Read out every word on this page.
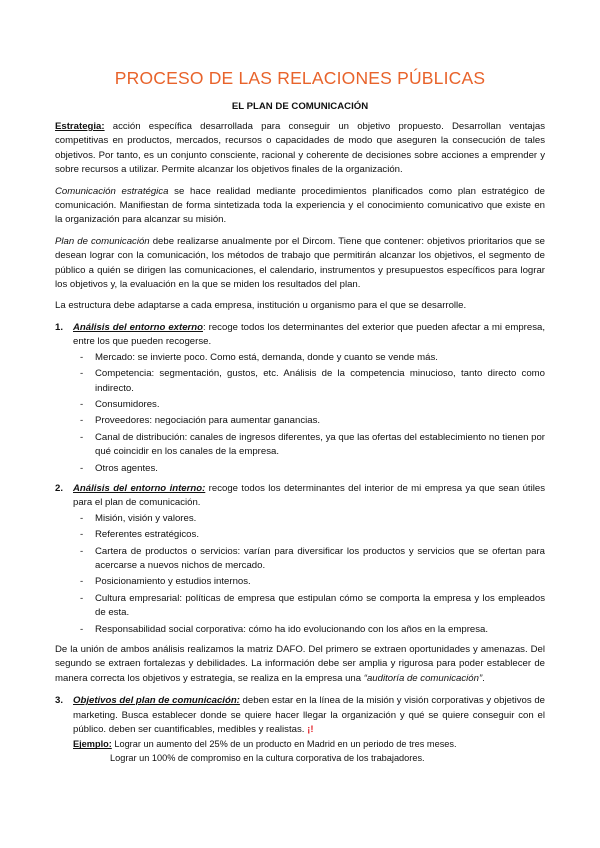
PROCESO DE LAS RELACIONES PÚBLICAS
EL PLAN DE COMUNICACIÓN

Estrategia: acción específica desarrollada para conseguir un objetivo propuesto. Desarrollan ventajas competitivas en productos, mercados, recursos o capacidades de modo que aseguren la consecución de tales objetivos. Por tanto, es un conjunto consciente, racional y coherente de decisiones sobre acciones a emprender y sobre recursos a utilizar. Permite alcanzar los objetivos finales de la organización.

Comunicación estratégica se hace realidad mediante procedimientos planificados como plan estratégico de comunicación. Manifiestan de forma sintetizada toda la experiencia y el conocimiento comunicativo que existe en la organización para alcanzar su misión.

Plan de comunicación debe realizarse anualmente por el Dircom. Tiene que contener: objetivos prioritarios que se desean lograr con la comunicación, los métodos de trabajo que permitirán alcanzar los objetivos, el segmento de público a quién se dirigen las comunicaciones, el calendario, instrumentos y presupuestos específicos para lograr los objetivos y, la evaluación en la que se miden los resultados del plan.

La estructura debe adaptarse a cada empresa, institución u organismo para el que se desarrolle.

1.	Análisis del entorno externo: recoge todos los determinantes del exterior que pueden afectar a mi empresa, entre los que pueden recogerse.
-	Mercado: se invierte poco. Como está, demanda, donde y cuanto se vende más.
-	Competencia: segmentación, gustos, etc. Análisis de la competencia minucioso, tanto directo como indirecto.
-	Consumidores.
-	Proveedores: negociación para aumentar ganancias.
-	Canal de distribución: canales de ingresos diferentes, ya que las ofertas del establecimiento no tienen por qué coincidir en los canales de la empresa.
-	Otros agentes.
2.	Análisis del entorno interno: recoge todos los determinantes del interior de mi empresa ya que sean útiles para el plan de comunicación.
-	Misión, visión y valores.
-	Referentes estratégicos.
-	Cartera de productos o servicios: varían para diversificar los productos y servicios que se ofertan para acercarse a nuevos nichos de mercado.
-	Posicionamiento y estudios internos.
-	Cultura empresarial: políticas de empresa que estipulan cómo se comporta la empresa y los empleados de esta.
-	Responsabilidad social corporativa: cómo ha ido evolucionando con los años en la empresa.

De la unión de ambos análisis realizamos la matriz DAFO. Del primero se extraen oportunidades y amenazas. Del segundo se extraen fortalezas y debilidades. La información debe ser amplia y rigurosa para poder establecer de manera correcta los objetivos y estrategia, se realiza en la empresa una “auditoría de comunicación”.

3.	Objetivos del plan de comunicación: deben estar en la línea de la misión y visión corporativas y objetivos de marketing. Busca establecer donde se quiere hacer llegar la organización y qué se quiere conseguir con el público. deben ser cuantificables, medibles y realistas. ¡!
Ejemplo: Lograr un aumento del 25% de un producto en Madrid en un periodo de tres meses.
Lograr un 100% de compromiso en la cultura corporativa de los trabajadores.
